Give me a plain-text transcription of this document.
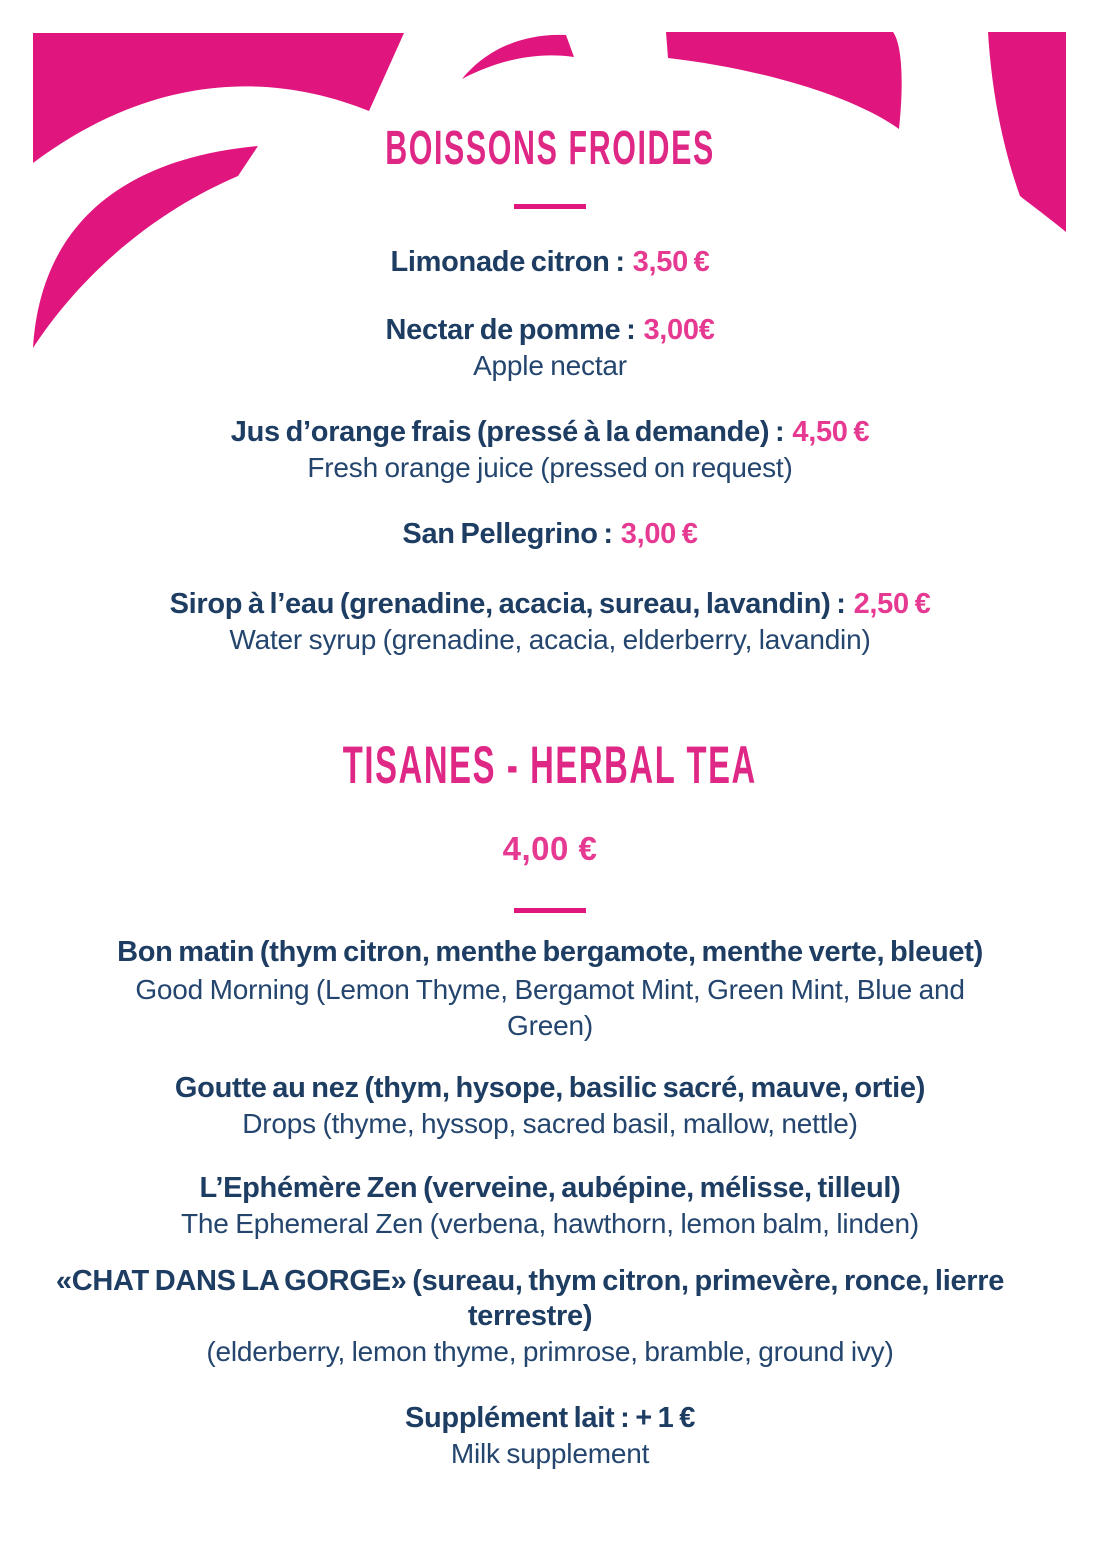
BOISSONS FROIDES
Limonade citron : 3,50 €
Nectar de pomme : 3,00€
Apple nectar
Jus d’orange frais (pressé à la demande) : 4,50 €
Fresh orange juice (pressed on request)
San Pellegrino : 3,00 €
Sirop à l’eau (grenadine, acacia, sureau, lavandin) : 2,50 €
Water syrup (grenadine, acacia, elderberry, lavandin)
TISANES - HERBAL TEA
4,00 €
Bon matin (thym citron, menthe bergamote, menthe verte, bleuet)
Good Morning (Lemon Thyme, Bergamot Mint, Green Mint, Blue and Green)
Goutte au nez (thym, hysope, basilic sacré, mauve, ortie)
Drops (thyme, hyssop, sacred basil, mallow, nettle)
L’Ephémère Zen (verveine, aubépine, mélisse, tilleul)
The Ephemeral Zen (verbena, hawthorn, lemon balm, linden)
«CHAT DANS LA GORGE» (sureau, thym citron, primevère, ronce, lierre terrestre)
(elderberry, lemon thyme, primrose, bramble, ground ivy)
Supplément lait : + 1 €
Milk supplement
